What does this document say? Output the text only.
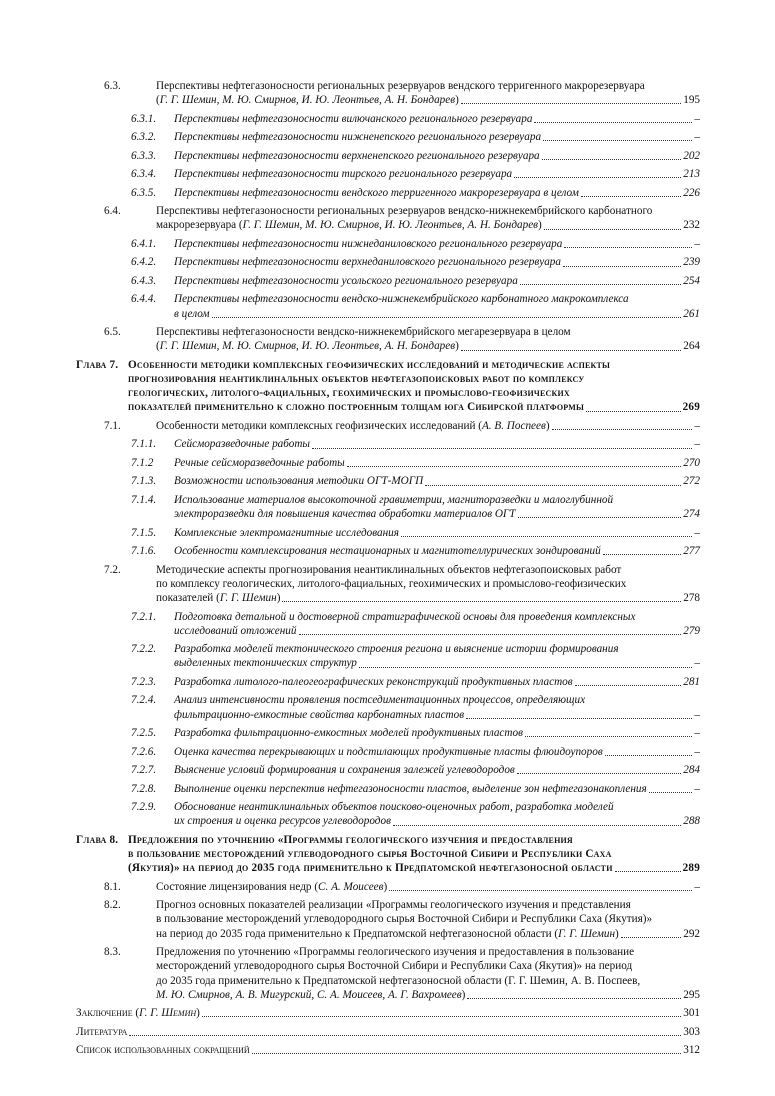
6.3.	Перспективы нефтегазоносности региональных резервуаров вендского терригенного макрорезервуара
(Г. Г. Шемин, М. Ю. Смирнов, И. Ю. Леонтьев, А. Н. Бондарев)	195
6.3.1.	Перспективы нефтегазоносности вилючанского регионального резервуара	–
6.3.2.	Перспективы нефтегазоносности нижненепского регионального резервуара	–
6.3.3.	Перспективы нефтегазоносности верхненепского регионального резервуара	202
6.3.4.	Перспективы нефтегазоносности тирского регионального резервуара	213
6.3.5.	Перспективы нефтегазоносности вендского терригенного макрорезервуара в целом	226
6.4.	Перспективы нефтегазоносности региональных резервуаров вендско-нижнекембрийского карбонатного
макрорезервуара (Г. Г. Шемин, М. Ю. Смирнов, И. Ю. Леонтьев, А. Н. Бондарев)	232
6.4.1.	Перспективы нефтегазоносности нижнеданиловского регионального резервуара	–
6.4.2.	Перспективы нефтегазоносности верхнеданиловского регионального резервуара	239
6.4.3.	Перспективы нефтегазоносности усольского регионального резервуара	254
6.4.4.	Перспективы нефтегазоносности вендско-нижнекембрийского карбонатного макрокомплекса
в целом	261
6.5.	Перспективы нефтегазоносности вендско-нижнекембрийского мегарезервуара в целом
(Г. Г. Шемин, М. Ю. Смирнов, И. Ю. Леонтьев, А. Н. Бондарев)	264
Глава 7. Особенности методики комплексных геофизических исследований и методические аспекты
прогнозирования неантиклинальных объектов нефтегазопоисковых работ по комплексу
геологических, литолого-фациальных, геохимических и промыслово-геофизических
показателей применительно к сложно построенным толщам юга Сибирской платформы	269
7.1.	Особенности методики комплексных геофизических исследований (А. В. Поспеев)	–
7.1.1.	Сейсморазведочные работы	–
7.1.2	Речные сейсморазведочные работы	270
7.1.3.	Возможности использования методики ОГТ-МОГП	272
7.1.4.	Использование материалов высокоточной гравиметрии, магниторазведки и малоглубинной
электроразведки для повышения качества обработки материалов ОГТ	274
7.1.5.	Комплексные электромагнитные исследования	–
7.1.6.	Особенности комплексирования нестационарных и магнитотеллурических зондирований	277
7.2.	Методические аспекты прогнозирования неантиклинальных объектов нефтегазопоисковых работ
по комплексу геологических, литолого-фациальных, геохимических и промыслово-геофизических
показателей (Г. Г. Шемин)	278
7.2.1.	Подготовка детальной и достоверной стратиграфической основы для проведения комплексных
исследований отложений	279
7.2.2.	Разработка моделей тектонического строения региона и выяснение истории формирования
выделенных тектонических структур	–
7.2.3.	Разработка литолого-палеогеографических реконструкций продуктивных пластов	281
7.2.4.	Анализ интенсивности проявления постседиментационных процессов, определяющих
фильтрационно-емкостные свойства карбонатных пластов	–
7.2.5.	Разработка фильтрационно-емкостных моделей продуктивных пластов	–
7.2.6.	Оценка качества перекрывающих и подстилающих продуктивные пласты флюидоупоров	–
7.2.7.	Выяснение условий формирования и сохранения залежей углеводородов	284
7.2.8.	Выполнение оценки перспектив нефтегазоносности пластов, выделение зон нефтегазонакопления	–
7.2.9.	Обоснование неантиклинальных объектов поисково-оценочных работ, разработка моделей
их строения и оценка ресурсов углеводородов	288
Глава 8. Предложения по уточнению «Программы геологического изучения и предоставления
в пользование месторождений углеводородного сырья Восточной Сибири и Республики Саха
(Якутия)» на период до 2035 года применительно к Предпатомской нефтегазоносной области	289
8.1.	Состояние лицензирования недр (С. А. Моисеев)	–
8.2.	Прогноз основных показателей реализации «Программы геологического изучения и представления
в пользование месторождений углеводородного сырья Восточной Сибири и Республики Саха (Якутия)»
на период до 2035 года применительно к Предпатомской нефтегазоносной области (Г. Г. Шемин)	292
8.3.	Предложения по уточнению «Программы геологического изучения и предоставления в пользование
месторождений углеводородного сырья Восточной Сибири и Республики Саха (Якутия)» на период
до 2035 года применительно к Предпатомской нефтегазоносной области (Г. Г. Шемин, А. В. Поспеев,
М. Ю. Смирнов, А. В. Мигурский, С. А. Моисеев, А. Г. Вахромеев)	295
Заключение (Г. Г. Шемин)	301
Литература	303
Список использованных сокращений	312
